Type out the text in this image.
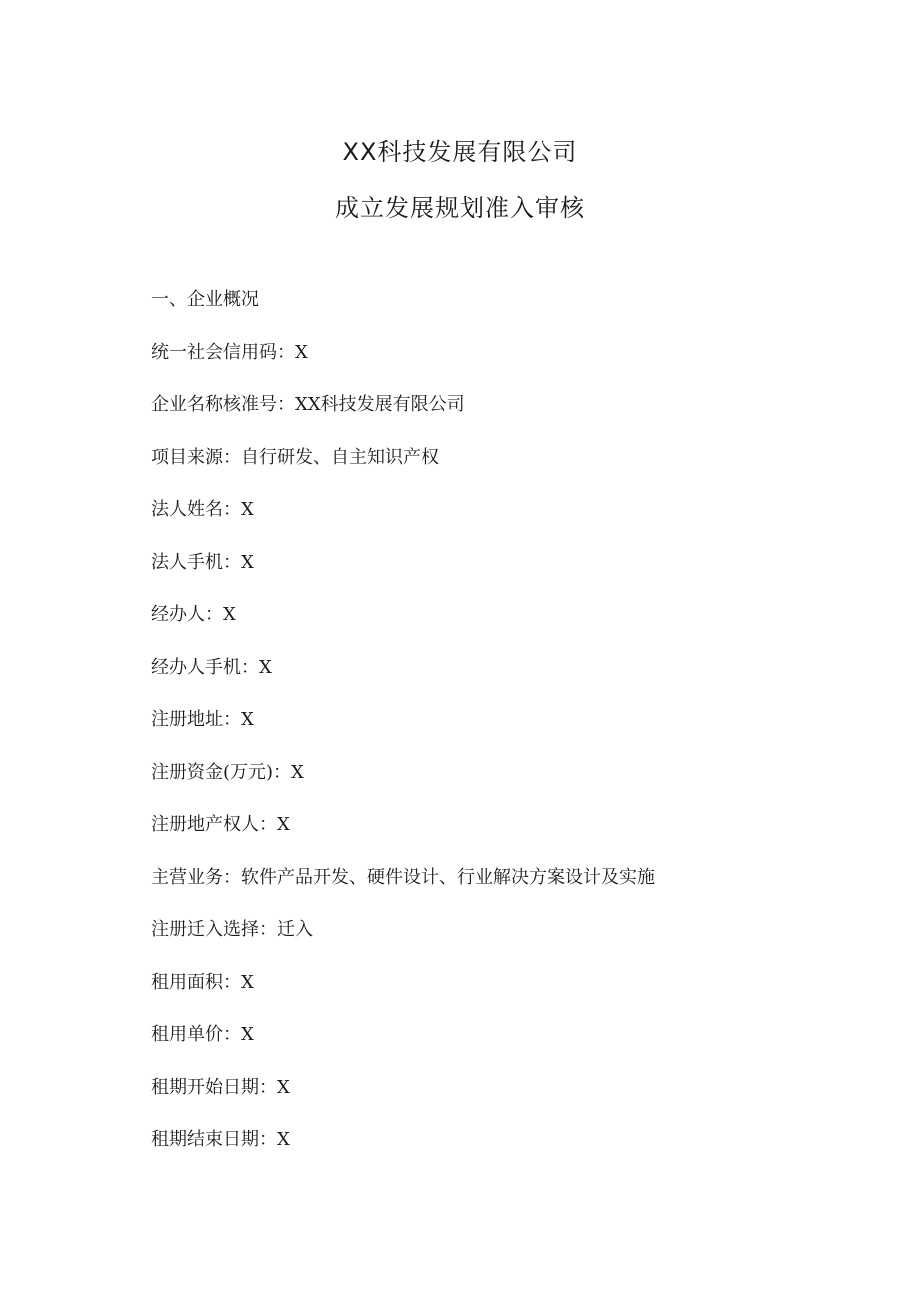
XX科技发展有限公司
成立发展规划准入审核
一、企业概况
统一社会信用码：X
企业名称核准号：XX科技发展有限公司
项目来源：自行研发、自主知识产权
法人姓名：X
法人手机：X
经办人：X
经办人手机：X
注册地址：X
注册资金(万元)：X
注册地产权人：X
主营业务：软件产品开发、硬件设计、行业解决方案设计及实施
注册迁入选择：迁入
租用面积：X
租用单价：X
租期开始日期：X
租期结束日期：X
